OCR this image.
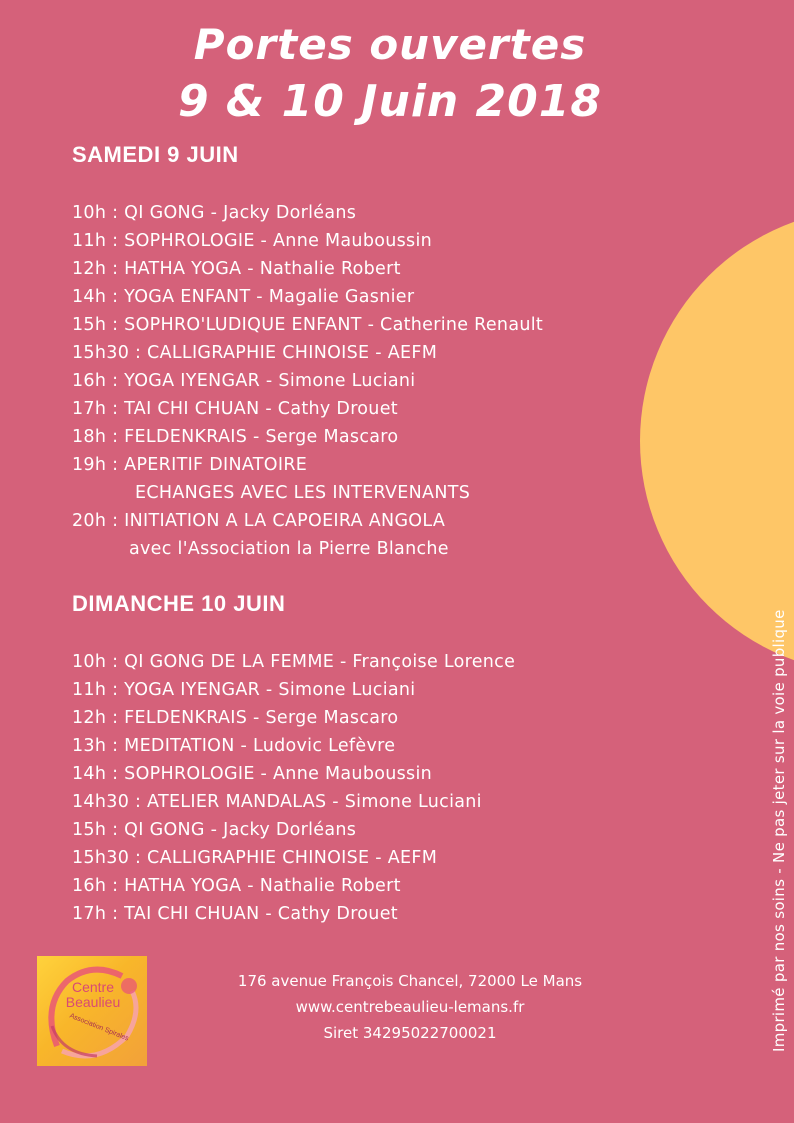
Portes ouvertes
9 & 10 Juin 2018
SAMEDI 9 JUIN
10h : QI GONG - Jacky Dorléans
11h : SOPHROLOGIE - Anne Mauboussin
12h : HATHA YOGA - Nathalie Robert
14h : YOGA ENFANT - Magalie Gasnier
15h : SOPHRO'LUDIQUE ENFANT - Catherine Renault
15h30 : CALLIGRAPHIE CHINOISE - AEFM
16h : YOGA IYENGAR - Simone Luciani
17h : TAI CHI CHUAN - Cathy Drouet
18h : FELDENKRAIS - Serge Mascaro
19h : APERITIF DINATOIRE
ECHANGES AVEC LES INTERVENANTS
20h : INITIATION A LA CAPOEIRA ANGOLA
avec l'Association la Pierre Blanche
DIMANCHE 10 JUIN
10h : QI GONG DE LA FEMME - Françoise Lorence
11h : YOGA IYENGAR - Simone Luciani
12h : FELDENKRAIS - Serge Mascaro
13h : MEDITATION - Ludovic Lefèvre
14h : SOPHROLOGIE - Anne Mauboussin
14h30 : ATELIER MANDALAS - Simone Luciani
15h : QI GONG - Jacky Dorléans
15h30 : CALLIGRAPHIE CHINOISE - AEFM
16h : HATHA YOGA - Nathalie Robert
17h : TAI CHI CHUAN - Cathy Drouet
Centre Beaulieu
Association Spirales
176 avenue François Chancel, 72000 Le Mans
www.centrebeaulieu-lemans.fr
Siret 34295022700021	Imprimé par nos soins - Ne pas jeter sur la voie publique
